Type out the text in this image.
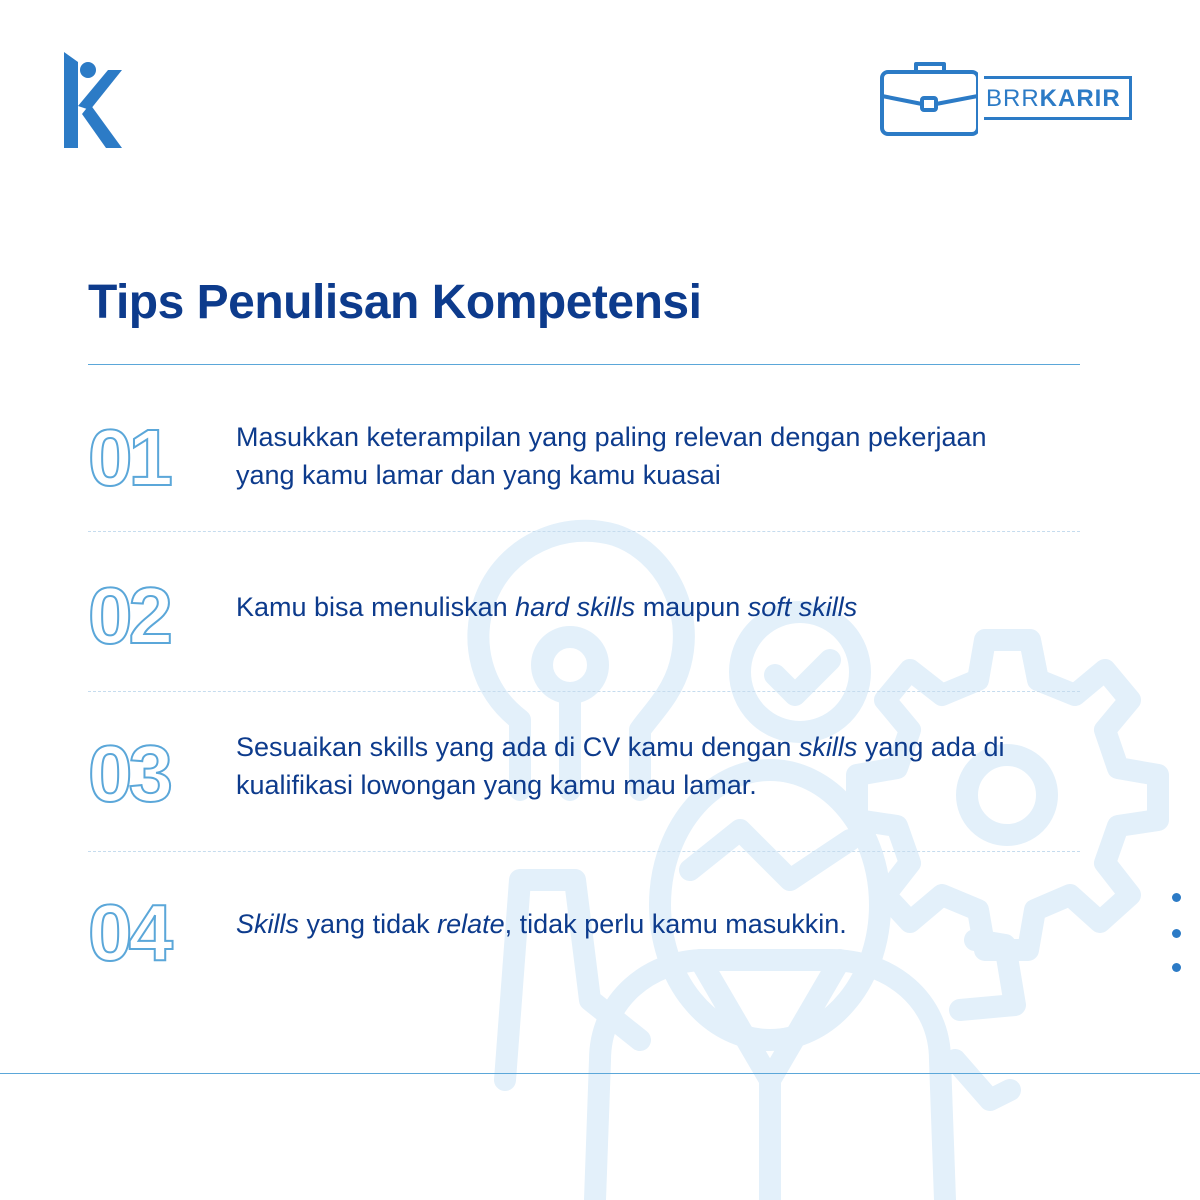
BRRKARIR
Tips Penulisan Kompetensi
01 Masukkan keterampilan yang paling relevan dengan pekerjaan yang kamu lamar dan yang kamu kuasai

02 Kamu bisa menuliskan hard skills maupun soft skills

03 Sesuaikan skills yang ada di CV kamu dengan skills yang ada di kualifikasi lowongan yang kamu mau lamar.

04 Skills yang tidak relate, tidak perlu kamu masukkin.
